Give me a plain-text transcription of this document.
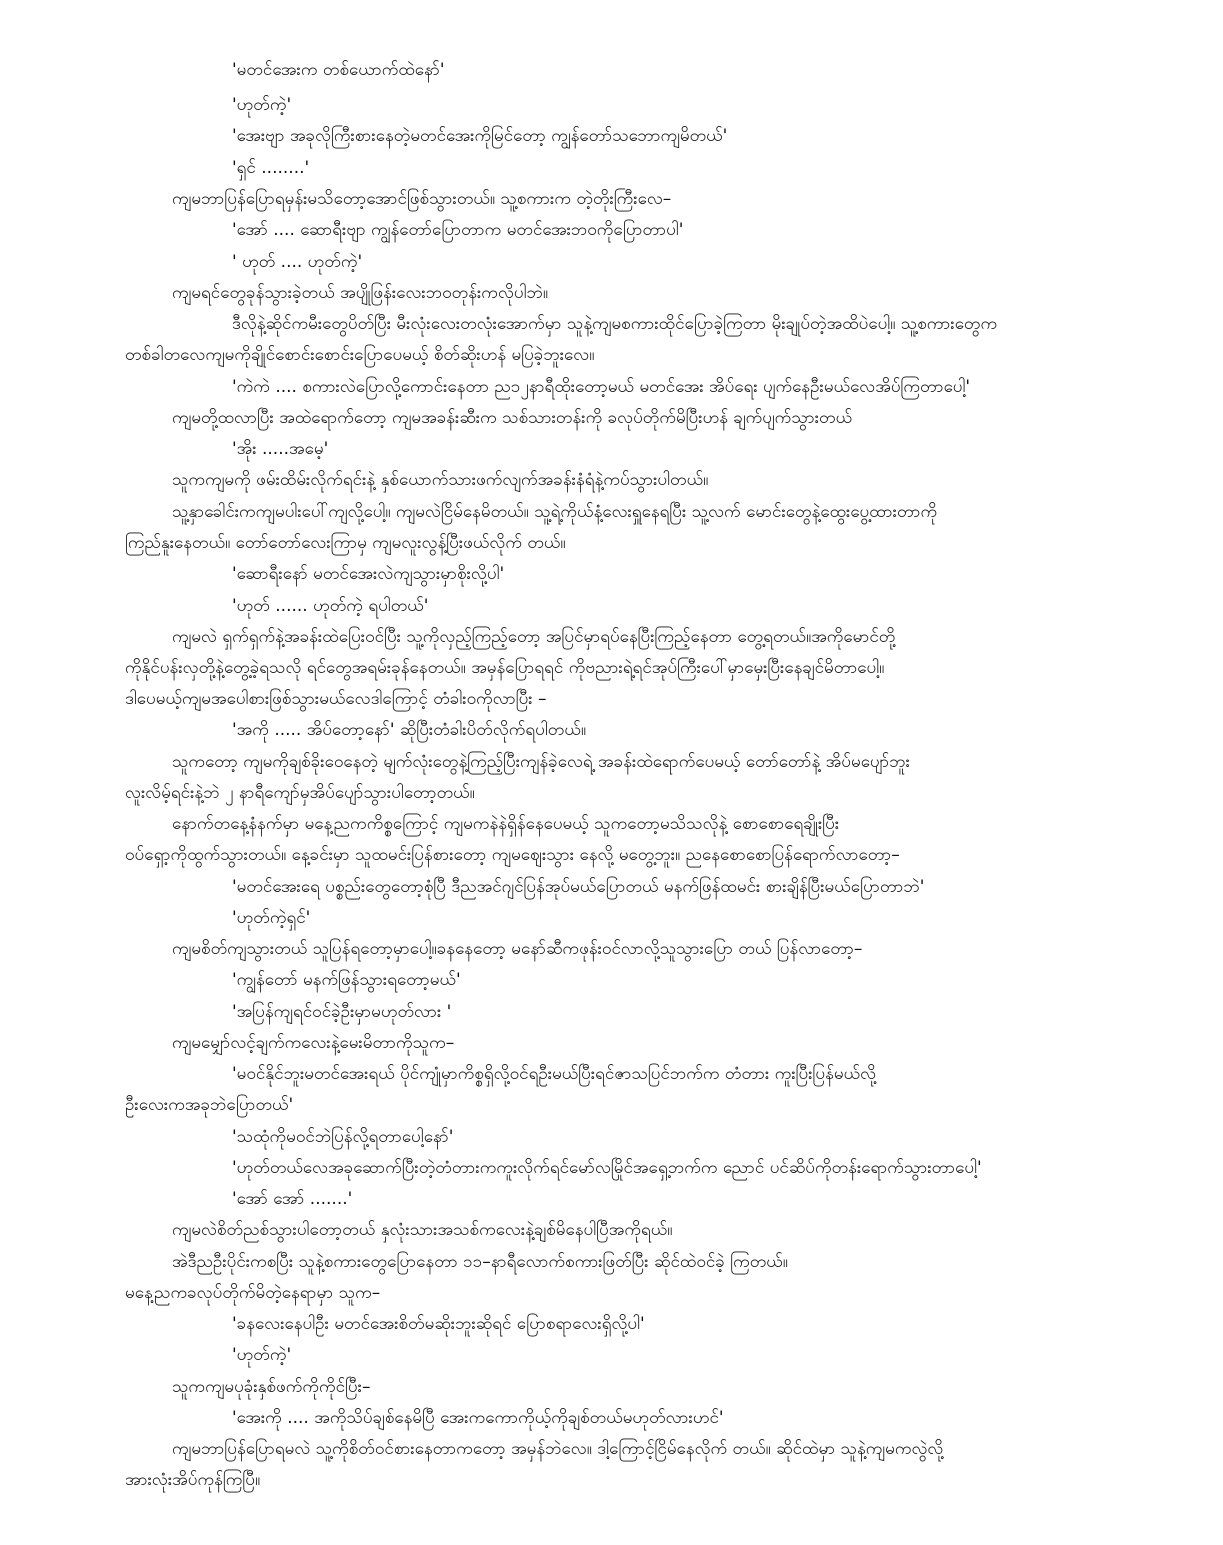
'မတင်အေးက တစ်ယောက်ထဲနော်'
'ဟုတ်ကဲ့'
'အေးဗျာ အခုလိုကြီးစားနေတဲ့မတင်အေးကိုမြင်တော့ ကျွန်တော်သဘောကျမိတယ်'
'ရှင် ........'
ကျမဘာပြန်ပြောရမှန်းမသိတော့အောင်ဖြစ်သွားတယ်။ သူ့စကားက တဲ့တိုးကြီးလေ–
'အော် .... ဆောရီးဗျာ ကျွန်တော်ပြောတာက မတင်အေးဘဝကိုပြောတာပါ'
' ဟုတ် .... ဟုတ်ကဲ့'
ကျမရင်တွေခုန်သွားခဲ့တယ် အပျိုဖြန်းလေးဘဝတုန်းကလိုပါဘဲ။
ဒီလိုနဲ့ဆိုင်ကမီးတွေပိတ်ပြီး မီးလုံးလေးတလုံးအောက်မှာ သူနဲ့ကျမစကားထိုင်ပြောခဲ့ကြတာ မိုးချုပ်တဲ့အထိပဲပေါ့။ သူ့စကားတွေက
တစ်ခါတလေကျမကိုချိုင်စောင်းစောင်းပြောပေမယ့် စိတ်ဆိုးဟန် မပြခဲ့ဘူးလေ။
'ကဲကဲ .... စကားလဲပြောလို့ကောင်းနေတာ ည၁၂နာရီထိုးတော့မယ် မတင်အေး အိပ်ရေး ပျက်နေဦးမယ်လေအိပ်ကြတာပေါ့'
ကျမတို့ထလာပြီး အထဲရောက်တော့ ကျမအခန်းဆီးက သစ်သားတန်းကို ခလုပ်တိုက်မိပြီးဟန် ချက်ပျက်သွားတယ်
'အိုး .....အမေ့'
သူကကျမကို ဖမ်းထိမ်းလိုက်ရင်းနဲ့ နှစ်ယောက်သားဖက်လျက်အခန်းနံရံနဲ့ကပ်သွားပါတယ်။
သူ့နှာခေါင်းကကျမပါးပေါ်ကျလို့ပေါ့။ ကျမလဲငြိမ်နေမိတယ်။ သူ့ရဲ့ကိုယ်နံ့လေးရှူနေရပြီး သူ့လက် မောင်းတွေနဲ့ထွေးပွေ့ထားတာကို
ကြည်နူးနေတယ်။ တော်တော်လေးကြာမှ ကျမလူးလွန့်ပြီးဖယ်လိုက် တယ်။
'ဆောရီးနော် မတင်အေးလဲကျသွားမှာစိုးလို့ပါ'
'ဟုတ် ...... ဟုတ်ကဲ့ ရပါတယ်'
ကျမလဲ ရှက်ရှက်နဲ့အခန်းထဲပြေးဝင်ပြီး သူ့ကိုလှည့်ကြည့်တော့ အပြင်မှာရပ်နေပြီးကြည့်နေတာ တွေ့ရတယ်။အကိုမောင်တို့
ကိုနိုင်ပန်းလှတို့နဲ့တွေ့ခဲ့ရသလို ရင်တွေအရမ်းခုန်နေတယ်။ အမှန်ပြောရရင် ကိုဗညားရဲ့ရင်အုပ်ကြီးပေါ်မှာမှေးပြီးနေချင်မိတာပေါ့။
ဒါပေမယ့်ကျမအပေါစားဖြစ်သွားမယ်လေဒါကြောင့် တံခါးဝကိုလာပြီး –
'အကို ..... အိပ်တော့နော်' ဆိုပြီးတံခါးပိတ်လိုက်ရပါတယ်။
သူကတော့ ကျမကိုချစ်ခိုးဝေနေတဲ့ မျက်လုံးတွေနဲ့ကြည့်ပြီးကျန်ခဲ့လေရဲ့ အခန်းထဲရောက်ပေမယ့် တော်တော်နဲ့ အိပ်မပျော်ဘူး
လူးလိမ့်ရင်းနဲ့ဘဲ ၂ နာရီကျော်မှအိပ်ပျော်သွားပါတော့တယ်။
နောက်တနေ့နံနက်မှာ မနေ့ညကကိစ္စကြောင့် ကျမကနဲနဲရှိန်နေပေမယ့် သူကတော့မသိသလိုနဲ့ စောစောရေချိုးပြီး
ဝပ်ရှော့ကိုထွက်သွားတယ်။ နေ့ခင်းမှာ သူထမင်းပြန်စားတော့ ကျမဈေးသွား နေလို့ မတွေ့ဘူး။ ညနေစောစောပြန်ရောက်လာတော့–
'မတင်အေးရေ ပစ္စည်းတွေတော့စုံပြီ ဒီညအင်ဂျင်ပြန်အုပ်မယ်ပြောတယ် မနက်ဖြန်ထမင်း စားချိန်ပြီးမယ်ပြောတာဘဲ'
'ဟုတ်ကဲ့ရှင်'
ကျမစိတ်ကျသွားတယ် သူပြန်ရတော့မှာပေါ့။ခနနေတော့ မနော်ဆီကဖုန်းဝင်လာလို့သူသွားပြော တယ် ပြန်လာတော့–
'ကျွန်တော် မနက်ဖြန်သွားရတော့မယ်'
'အပြန်ကျရင်ဝင်ခဲ့ဦးမှာမဟုတ်လား '
ကျမမျှော်လင့်ချက်ကလေးနဲ့မေးမိတာကိုသူက–
'မဝင်နိုင်ဘူးမတင်အေးရယ် ပိုင်ကျုံမှာကိစ္စရှိလို့ဝင်ရဦးမယ်ပြီးရင်ဇာသပြင်ဘက်က တံတား ကူးပြီးပြန်မယ်လို့
ဦးလေးကအခုဘဲပြောတယ်'
'သထုံကိုမဝင်ဘဲပြန်လို့ရတာပေါ့နော်'
'ဟုတ်တယ်လေအခုဆောက်ပြီးတဲ့တံတားကကူးလိုက်ရင်မော်လမြိုင်အရှေ့ဘက်က ညောင် ပင်ဆိပ်ကိုတန်းရောက်သွားတာပေါ့'
'အော် အော် .......'
ကျမလဲစိတ်ညစ်သွားပါတော့တယ် နှလုံးသားအသစ်ကလေးနဲ့ချစ်မိနေပါပြီအကိုရယ်။
အဲဒီညဦးပိုင်းကစပြီး သူနဲ့စကားတွေပြောနေတာ ၁၁–နာရီလောက်စကားဖြတ်ပြီး ဆိုင်ထဲဝင်ခဲ့ ကြတယ်။
မနေ့ညကခလုပ်တိုက်မိတဲ့နေရာမှာ သူက–
'ခနလေးနေပါဦး မတင်အေးစိတ်မဆိုးဘူးဆိုရင် ပြောစရာလေးရှိလို့ပါ'
'ဟုတ်ကဲ့'
သူကကျမပုခုံးနှစ်ဖက်ကိုကိုင်ပြီး–
'အေးကို .... အကိုသိပ်ချစ်နေမိပြီ အေးကကောကိုယ့်ကိုချစ်တယ်မဟုတ်လားဟင်'
ကျမဘာပြန်ပြောရမလဲ သူ့ကိုစိတ်ဝင်စားနေတာကတော့ အမှန်ဘဲလေ။ ဒါ့ကြောင့်ငြိမ်နေလိုက် တယ်။ ဆိုင်ထဲမှာ သူနဲ့ကျမကလွဲလို့
အားလုံးအိပ်ကုန်ကြပြီ။
